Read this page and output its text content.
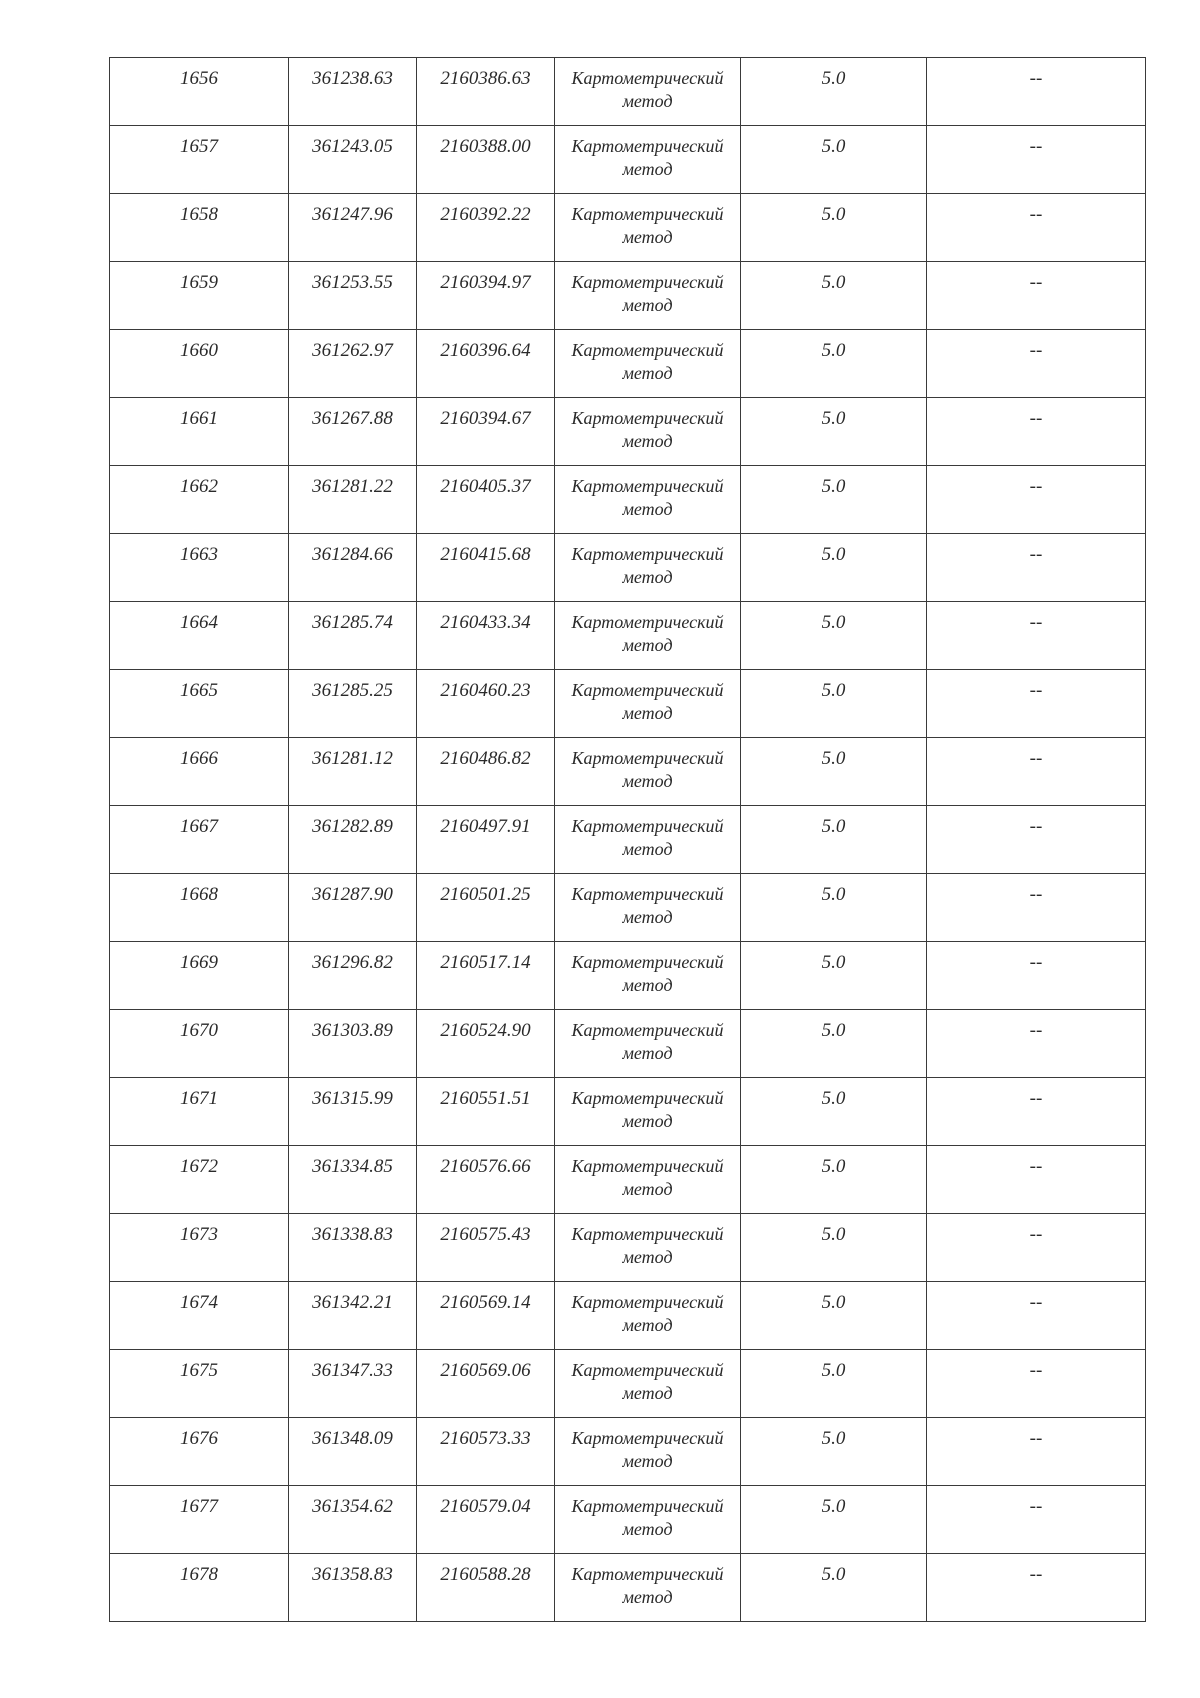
1656	361238.63	2160386.63	Картометрический
метод	5.0	--

1657	361243.05	2160388.00	Картометрический
метод	5.0	--

1658	361247.96	2160392.22	Картометрический
метод	5.0	--

1659	361253.55	2160394.97	Картометрический
метод	5.0	--

1660	361262.97	2160396.64	Картометрический
метод	5.0	--

1661	361267.88	2160394.67	Картометрический
метод	5.0	--

1662	361281.22	2160405.37	Картометрический
метод	5.0	--

1663	361284.66	2160415.68	Картометрический
метод	5.0	--

1664	361285.74	2160433.34	Картометрический
метод	5.0	--

1665	361285.25	2160460.23	Картометрический
метод	5.0	--

1666	361281.12	2160486.82	Картометрический
метод	5.0	--

1667	361282.89	2160497.91	Картометрический
метод	5.0	--

1668	361287.90	2160501.25	Картометрический
метод	5.0	--

1669	361296.82	2160517.14	Картометрический
метод	5.0	--

1670	361303.89	2160524.90	Картометрический
метод	5.0	--

1671	361315.99	2160551.51	Картометрический
метод	5.0	--

1672	361334.85	2160576.66	Картометрический
метод	5.0	--

1673	361338.83	2160575.43	Картометрический
метод	5.0	--

1674	361342.21	2160569.14	Картометрический
метод	5.0	--

1675	361347.33	2160569.06	Картометрический
метод	5.0	--

1676	361348.09	2160573.33	Картометрический
метод	5.0	--

1677	361354.62	2160579.04	Картометрический
метод	5.0	--

1678	361358.83	2160588.28	Картометрический
метод	5.0	--
